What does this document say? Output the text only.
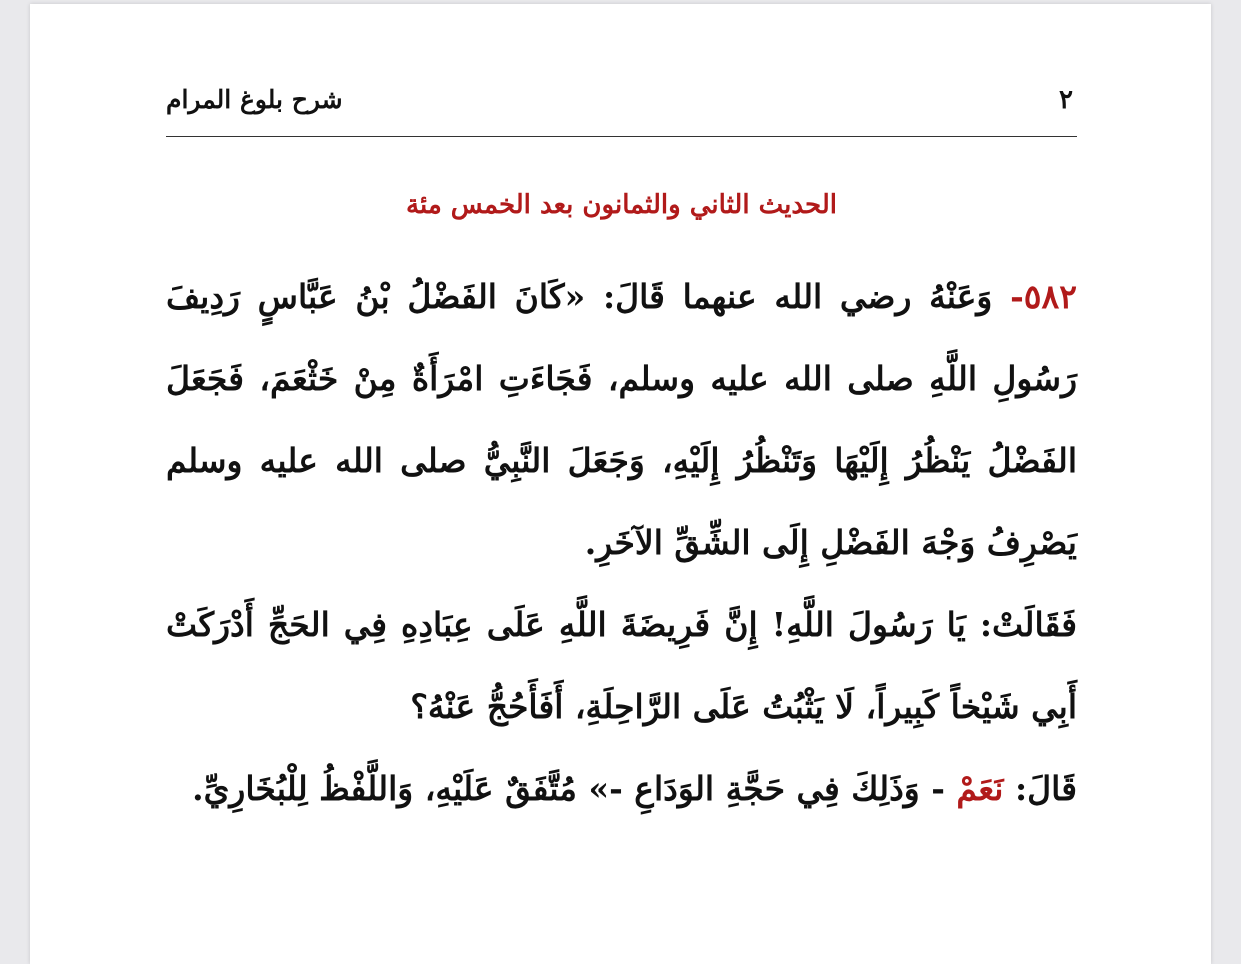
شرح بلوغ المرام	٢
الحديث الثاني والثمانون بعد الخمس مئة

٥٨٢- وَعَنْهُ رضي الله عنهما قَالَ: «كَانَ الفَضْلُ بْنُ عَبَّاسٍ رَدِيفَ رَسُولِ اللَّهِ صلى الله عليه وسلم، فَجَاءَتِ امْرَأَةٌ مِنْ خَثْعَمَ، فَجَعَلَ الفَضْلُ يَنْظُرُ إِلَيْهَا وَتَنْظُرُ إِلَيْهِ، وَجَعَلَ النَّبِيُّ صلى الله عليه وسلم يَصْرِفُ وَجْهَ الفَضْلِ إِلَى الشِّقِّ الآخَرِ.

فَقَالَتْ: يَا رَسُولَ اللَّهِ! إِنَّ فَرِيضَةَ اللَّهِ عَلَى عِبَادِهِ فِي الحَجِّ أَدْرَكَتْ أَبِي شَيْخاً كَبِيراً، لَا يَثْبُتُ عَلَى الرَّاحِلَةِ، أَفَأَحُجُّ عَنْهُ؟

قَالَ: نَعَمْ - وَذَلِكَ فِي حَجَّةِ الوَدَاعِ -» مُتَّفَقٌ عَلَيْهِ، وَاللَّفْظُ لِلْبُخَارِيِّ.
